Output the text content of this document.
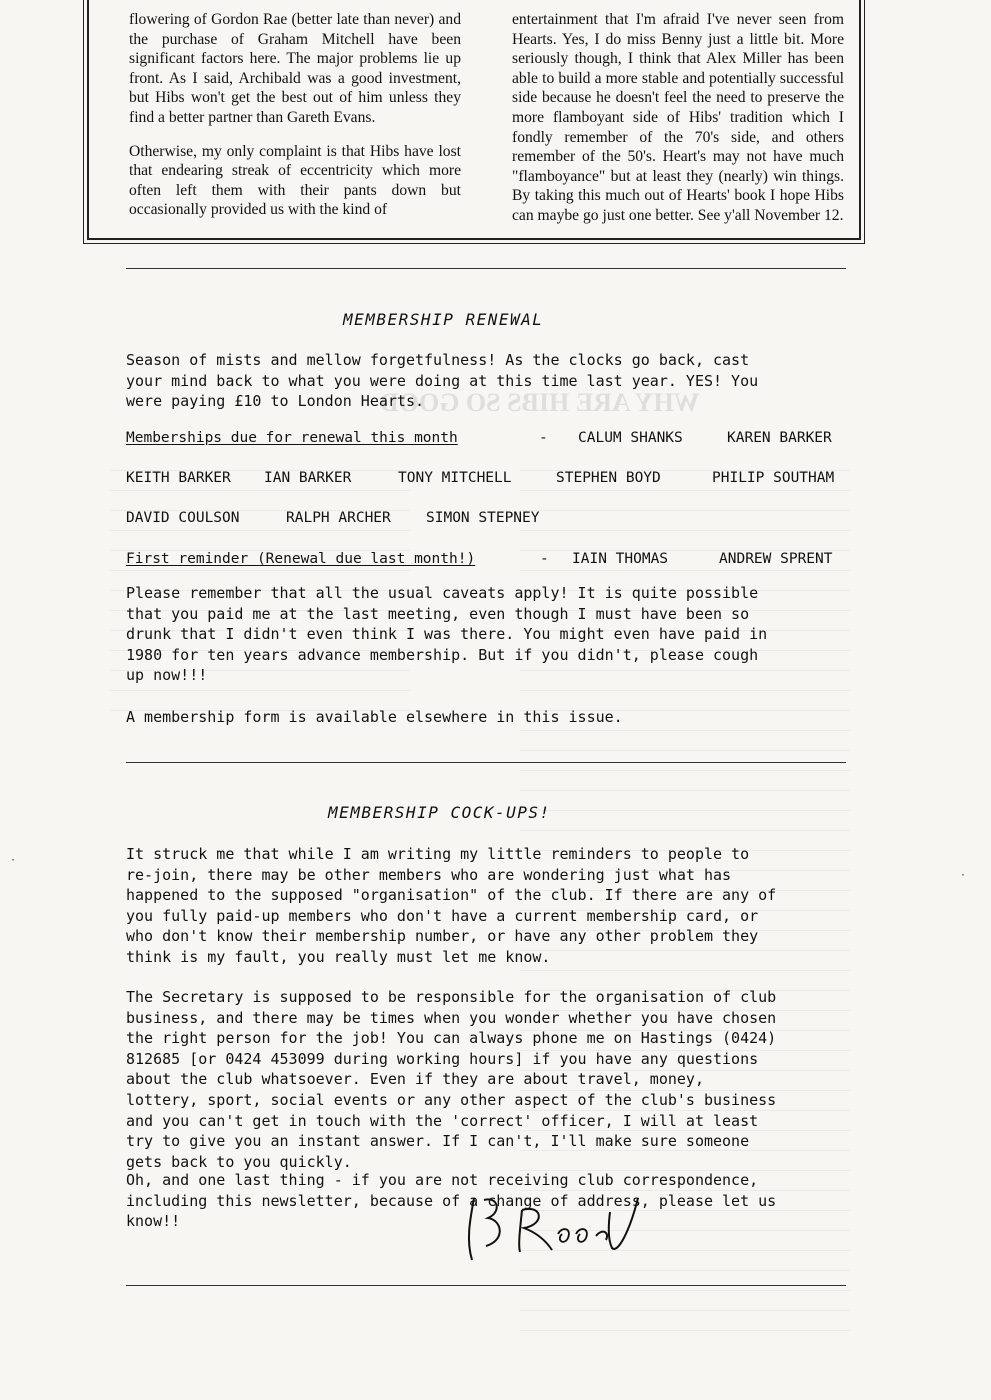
WHY ARE HIBS SO GOOD

flowering of Gordon Rae (better late than never) and the purchase of Graham Mitchell have been significant factors here. The major problems lie up front. As I said, Archibald was a good investment, but Hibs won't get the best out of him unless they find a better partner than Gareth Evans.

Otherwise, my only complaint is that Hibs have lost that endearing streak of eccentricity which more often left them with their pants down but occasionally provided us with the kind of

entertainment that I'm afraid I've never seen from Hearts. Yes, I do miss Benny just a little bit. More seriously though, I think that Alex Miller has been able to build a more stable and potentially successful side because he doesn't feel the need to preserve the more flamboyant side of Hibs' tradition which I fondly remember of the 70's side, and others remember of the 50's. Heart's may not have much "flamboyance" but at least they (nearly) win things. By taking this much out of Hearts' book I hope Hibs can maybe go just one better. See y'all November 12.

MEMBERSHIP RENEWAL
Season of mists and mellow forgetfulness! As the clocks go back, cast
your mind back to what you were doing at this time last year. YES! You
were paying £10 to London Hearts.
Memberships due for renewal this month	- CALUM SHANKS	KAREN BARKER
KEITH BARKER IAN BARKER	TONY MITCHELL	STEPHEN BOYD	PHILIP SOUTHAM
DAVID COULSON	RALPH ARCHER SIMON STEPNEY
First reminder (Renewal due last month!)	- IAIN THOMAS	ANDREW SPRENT
Please remember that all the usual caveats apply! It is quite possible
that you paid me at the last meeting, even though I must have been so
drunk that I didn't even think I was there. You might even have paid in
1980 for ten years advance membership. But if you didn't, please cough
up now!!!
A membership form is available elsewhere in this issue.
MEMBERSHIP COCK-UPS!
It struck me that while I am writing my little reminders to people to
re-join, there may be other members who are wondering just what has
happened to the supposed "organisation" of the club. If there are any of
you fully paid-up members who don't have a current membership card, or
who don't know their membership number, or have any other problem they
think is my fault, you really must let me know.
The Secretary is supposed to be responsible for the organisation of club
business, and there may be times when you wonder whether you have chosen
the right person for the job! You can always phone me on Hastings (0424)
812685 [or 0424 453099 during working hours] if you have any questions
about the club whatsoever. Even if they are about travel, money,
lottery, sport, social events or any other aspect of the club's business
and you can't get in touch with the 'correct' officer, I will at least
try to give you an instant answer. If I can't, I'll make sure someone
gets back to you quickly.
Oh, and one last thing - if you are not receiving club correspondence,
including this newsletter, because of a change of address, please let us
know!!
·
·
